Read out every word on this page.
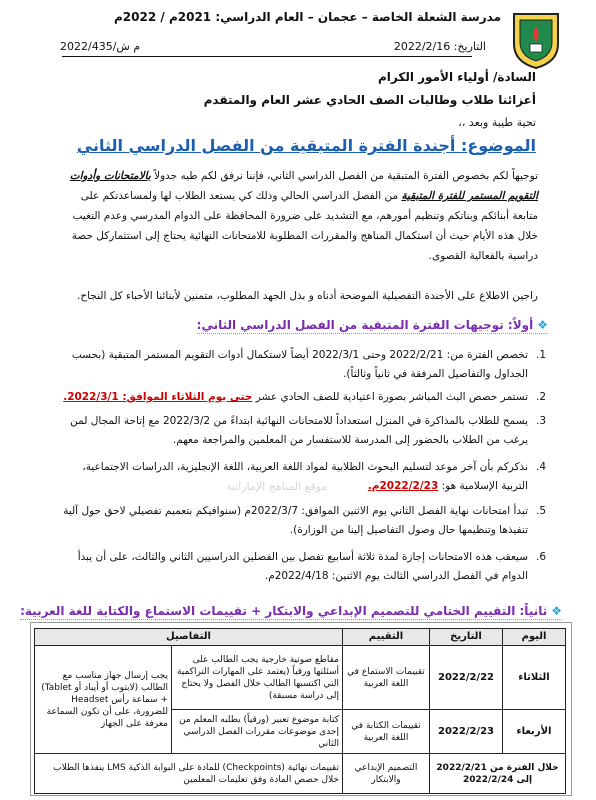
مدرسة الشعلة الخاصة – عجمان – العام الدراسي: 2021م / 2022م
التاريخ: 2022/2/16
م ش/2022/435
السادة/ أولياء الأمور الكرام
أعزائنا طلاب وطالبات الصف الحادي عشر العام والمتقدم
تحية طيبة وبعد ،،
الموضوع: أجندة الفترة المتبقية من الفصل الدراسي الثاني
توجيهاً لكم بخصوص الفترة المتبقية من الفصل الدراسي الثاني، فإننا نرفق لكم طيه جدولاً بالامتحانات وأدوات التقويم المستمر للفترة المتبقية من الفصل الدراسي الحالي وذلك كي يستعد الطلاب لها ولمساعدتكم على متابعة أبنائكم وبناتكم وتنظيم أمورهم، مع التشديد على ضرورة المحافظة على الدوام المدرسي وعدم التغيب خلال هذه الأيام حيث أن استكمال المناهج والمقررات المطلوبة للامتحانات النهائية يحتاج إلى استثماركل حصة دراسية بالفعالية القصوى.
راجين الاطلاع على الأجندة التفصيلية الموضحة أدناه و بذل الجهد المطلوب، متمنين لأبنائنا الأحباء كل النجاح.
❖أولاً: توجيهات الفترة المتبقية من الفصل الدراسي الثاني:
1.
تخصص الفترة من: 2022/2/21 وحتى 2022/3/1 أيضاً لاستكمال أدوات التقويم المستمر المتبقية (بحسب الجداول والتفاصيل المرفقة في ثانياً وثالثاً).
2.
تستمر حصص البث المباشر بصورة اعتيادية للصف الحادي عشر حتى يوم الثلاثاء الموافق: 2022/3/1.
3.
يسمح للطلاب بالمذاكرة في المنزل استعداداً للامتحانات النهائية ابتداءً من 2022/3/2 مع إتاحة المجال لمن يرغب من الطلاب بالحضور إلى المدرسة للاستفسار من المعلمين والمراجعة معهم.
4.
نذكركم بأن آخر موعد لتسليم البحوث الطلابية لمواد اللغة العربية، اللغة الإنجليزية، الدراسات الاجتماعية، التربية الإسلامية هو: 2022/2/23م.
5.
تبدأ امتحانات نهاية الفصل الثاني يوم الاثنين الموافق: 2022/3/7م (سنوافيكم بتعميم تفصيلي لاحق حول آلية تنفيذها وتنظيمها حال وصول التفاصيل إلينا من الوزارة).
6.
سيعقب هذه الامتحانات إجازة لمدة ثلاثة أسابيع تفصل بين الفصلين الدراسيين الثاني والثالث، على أن يبدأ الدوام في الفصل الدراسي الثالث يوم الاثنين: 2022/4/18م.
موقع المناهج الإماراتية
❖ثانياً: التقييم الختامي للتصميم الإبداعي والابتكار + تقييمات الاستماع والكتابة للغة العربية:
اليوم	التاريخ	التقييم	التفاصيل	
الثلاثاء	2022/2/22	تقييمات الاستماع في اللغة العربية	مقاطع صوتية خارجية يجب الطالب على أسئلتها ورقياً (يعتمد على المهارات التراكمية التي اكتسبها الطالب خلال الفصل ولا يحتاج إلى دراسة مسبقة)	يجب إرسال جهاز مناسب مع الطالب (لابتوب أو أيباد أو Tablet) + سماعة رأس Headset للضرورة، على أن تكون السماعة معرفة على الجهاز
الأربعاء	2022/2/23	تقييمات الكتابة في اللغة العربية	كتابة موضوع تعبير (ورقياً) يطلبه المعلم من إحدى موضوعات مقررات الفصل الدراسي الثاني	
خلال الفترة من 2022/2/21 إلى 2022/2/24		التصميم الإبداعي والابتكار	تقييمات نهائية (Checkpoints) للمادة على البوابة الذكية LMS ينفذها الطلاب خلال حصص المادة وفق تعليمات المعلمين	
